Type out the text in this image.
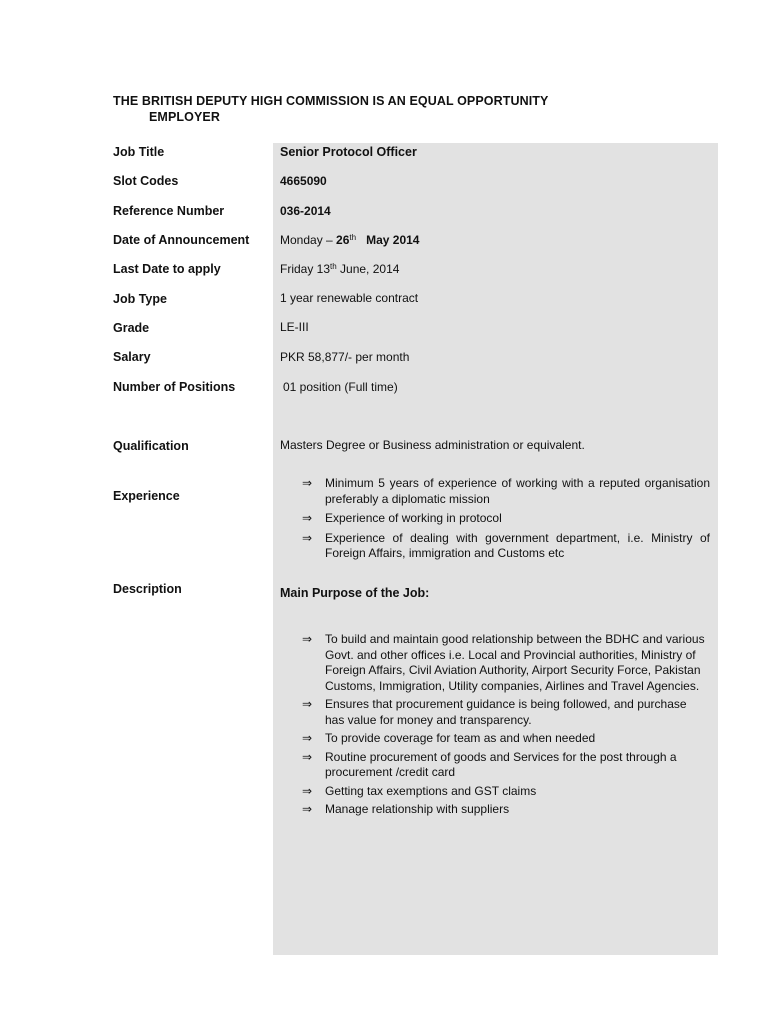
THE BRITISH DEPUTY HIGH COMMISSION IS AN EQUAL OPPORTUNITY
EMPLOYER
Job Title	Senior Protocol Officer
Slot Codes	4665090
Reference Number	036-2014
Date of Announcement	Monday – 26th May 2014
Last Date to apply	Friday 13th June, 2014
Job Type	1 year renewable contract
Grade	LE-III
Salary	PKR 58,877/- per month
Number of Positions	01 position (Full time)
Qualification	Masters Degree or Business administration or equivalent.
Experience
⇒ Minimum 5 years of experience of working with a reputed organisation preferably a diplomatic mission
⇒ Experience of working in protocol
⇒ Experience of dealing with government department, i.e. Ministry of Foreign Affairs, immigration and Customs etc
Description	Main Purpose of the Job:
⇒ To build and maintain good relationship between the BDHC and various Govt. and other offices i.e. Local and Provincial authorities, Ministry of Foreign Affairs, Civil Aviation Authority, Airport Security Force, Pakistan Customs, Immigration, Utility companies, Airlines and Travel Agencies.
⇒ Ensures that procurement guidance is being followed, and purchase has value for money and transparency.
⇒ To provide coverage for team as and when needed
⇒ Routine procurement of goods and Services for the post through a procurement /credit card
⇒ Getting tax exemptions and GST claims
⇒ Manage relationship with suppliers
